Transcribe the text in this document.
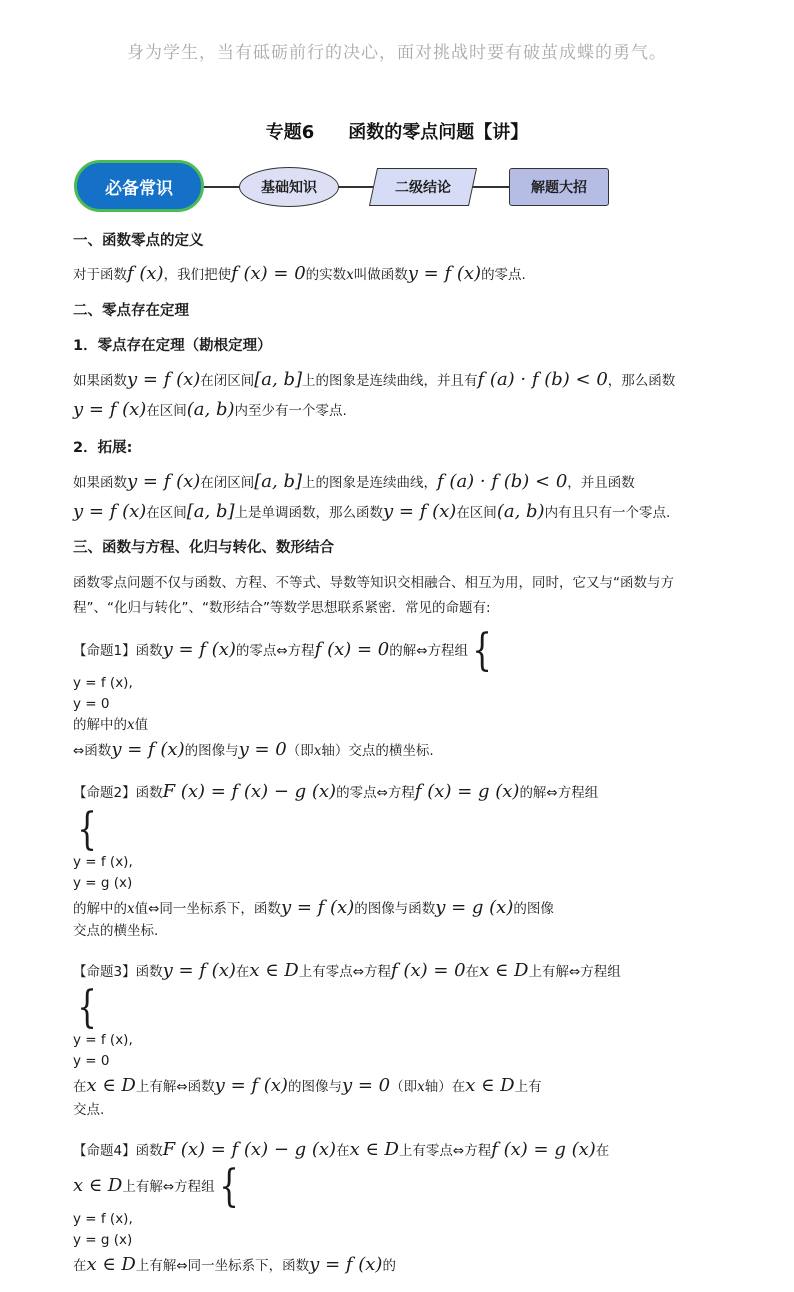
身为学生，当有砥砺前行的决心，面对挑战时要有破茧成蝶的勇气。
专题6 函数的零点问题【讲】
必备常识	基础知识	二级结论	解题大招

一、函数零点的定义

对于函数f (x)，我们把使f (x) = 0的实数x叫做函数y = f (x)的零点.

二、零点存在定理

1．零点存在定理（勘根定理）

如果函数y = f (x)在闭区间[a, b]上的图象是连续曲线，并且有f (a) · f (b) < 0，那么函数
y = f (x)在区间(a, b)内至少有一个零点.

2．拓展:

如果函数y = f (x)在闭区间[a, b]上的图象是连续曲线，f (a) · f (b) < 0，并且函数
y = f (x)在区间[a, b]上是单调函数，那么函数y = f (x)在区间(a, b)内有且只有一个零点.

三、函数与方程、化归与转化、数形结合

函数零点问题不仅与函数、方程、不等式、导数等知识交相融合、相互为用，同时，它又与“函数与方程”、“化归与转化”、“数形结合”等数学思想联系紧密．常见的命题有:

【命题1】函数y = f (x)的零点⇔方程f (x) = 0的解⇔方程组 {

y = f (x),
y = 0
的解中的x值
⇔函数y = f (x)的图像与y = 0（即x轴）交点的横坐标.

【命题2】函数F (x) = f (x) − g (x)的零点⇔方程f (x) = g (x)的解⇔方程组

{

y = f (x),
y = g (x)
的解中的x值⇔同一坐标系下，函数y = f (x)的图像与函数y = g (x)的图像
交点的横坐标.

【命题3】函数y = f (x)在x ∈ D上有零点⇔方程f (x) = 0在x ∈ D上有解⇔方程组

{

y = f (x),
y = 0
在x ∈ D上有解⇔函数y = f (x)的图像与y = 0（即x轴）在x ∈ D上有
交点.

【命题4】函数F (x) = f (x) − g (x)在x ∈ D上有零点⇔方程f (x) = g (x)在
x ∈ D上有解⇔方程组 {

y = f (x),
y = g (x)
在x ∈ D上有解⇔同一坐标系下，函数y = f (x)的
